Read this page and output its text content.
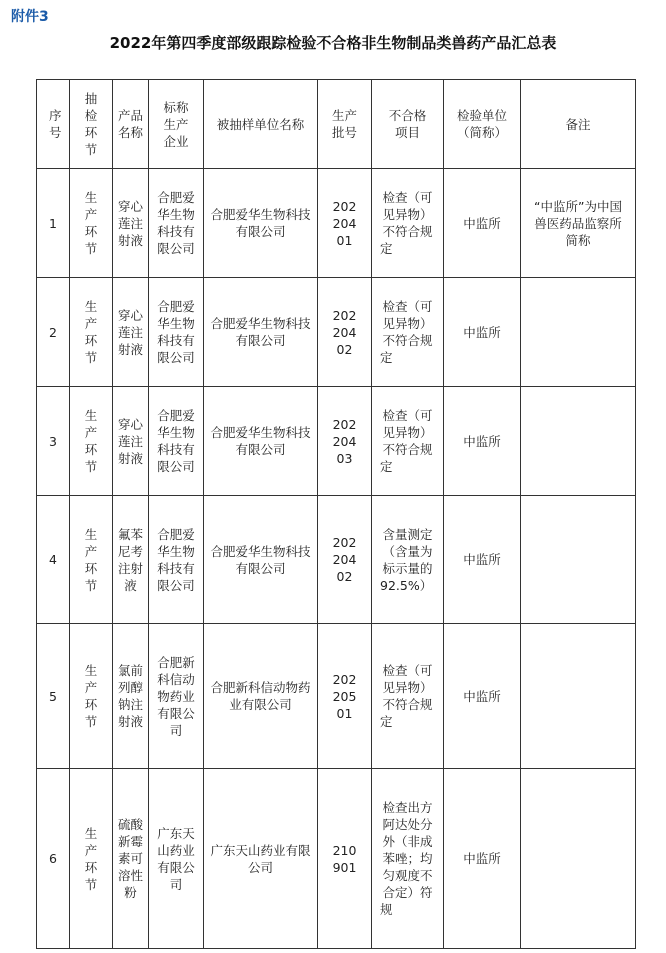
附件3
2022年第四季度部级跟踪检验不合格非生物制品类兽药产品汇总表
序号	抽检环节	产品名称	标称生产企业	被抽样单位名称	生产批号	不合格项目	检验单位（简称）	备注
1	生产环节	穿心莲注射液	合肥爱华生物科技有限公司	合肥爱华生物科技有限公司	20220401	检查（可见异物）不符合规定	中监所	“中监所”为中国兽医药品监察所简称
2	生产环节	穿心莲注射液	合肥爱华生物科技有限公司	合肥爱华生物科技有限公司	20220402	检查（可见异物）不符合规定	中监所	
3	生产环节	穿心莲注射液	合肥爱华生物科技有限公司	合肥爱华生物科技有限公司	20220403	检查（可见异物）不符合规定	中监所	
4	生产环节	氟苯尼考注射液	合肥爱华生物科技有限公司	合肥爱华生物科技有限公司	20220402	含量测定（含量为标示量的92.5%）	中监所	
5	生产环节	氯前列醇钠注射液	合肥新科信动物药业有限公司	合肥新科信动物药业有限公司	20220501	检查（可见异物）不符合规定	中监所	
6	生产环节	硫酸新霉素可溶性粉	广东天山药业有限公司	广东天山药业有限公司	210901	检查出方阿达处分外（非成苯唑；均匀观度不合定）符规	中监所	
